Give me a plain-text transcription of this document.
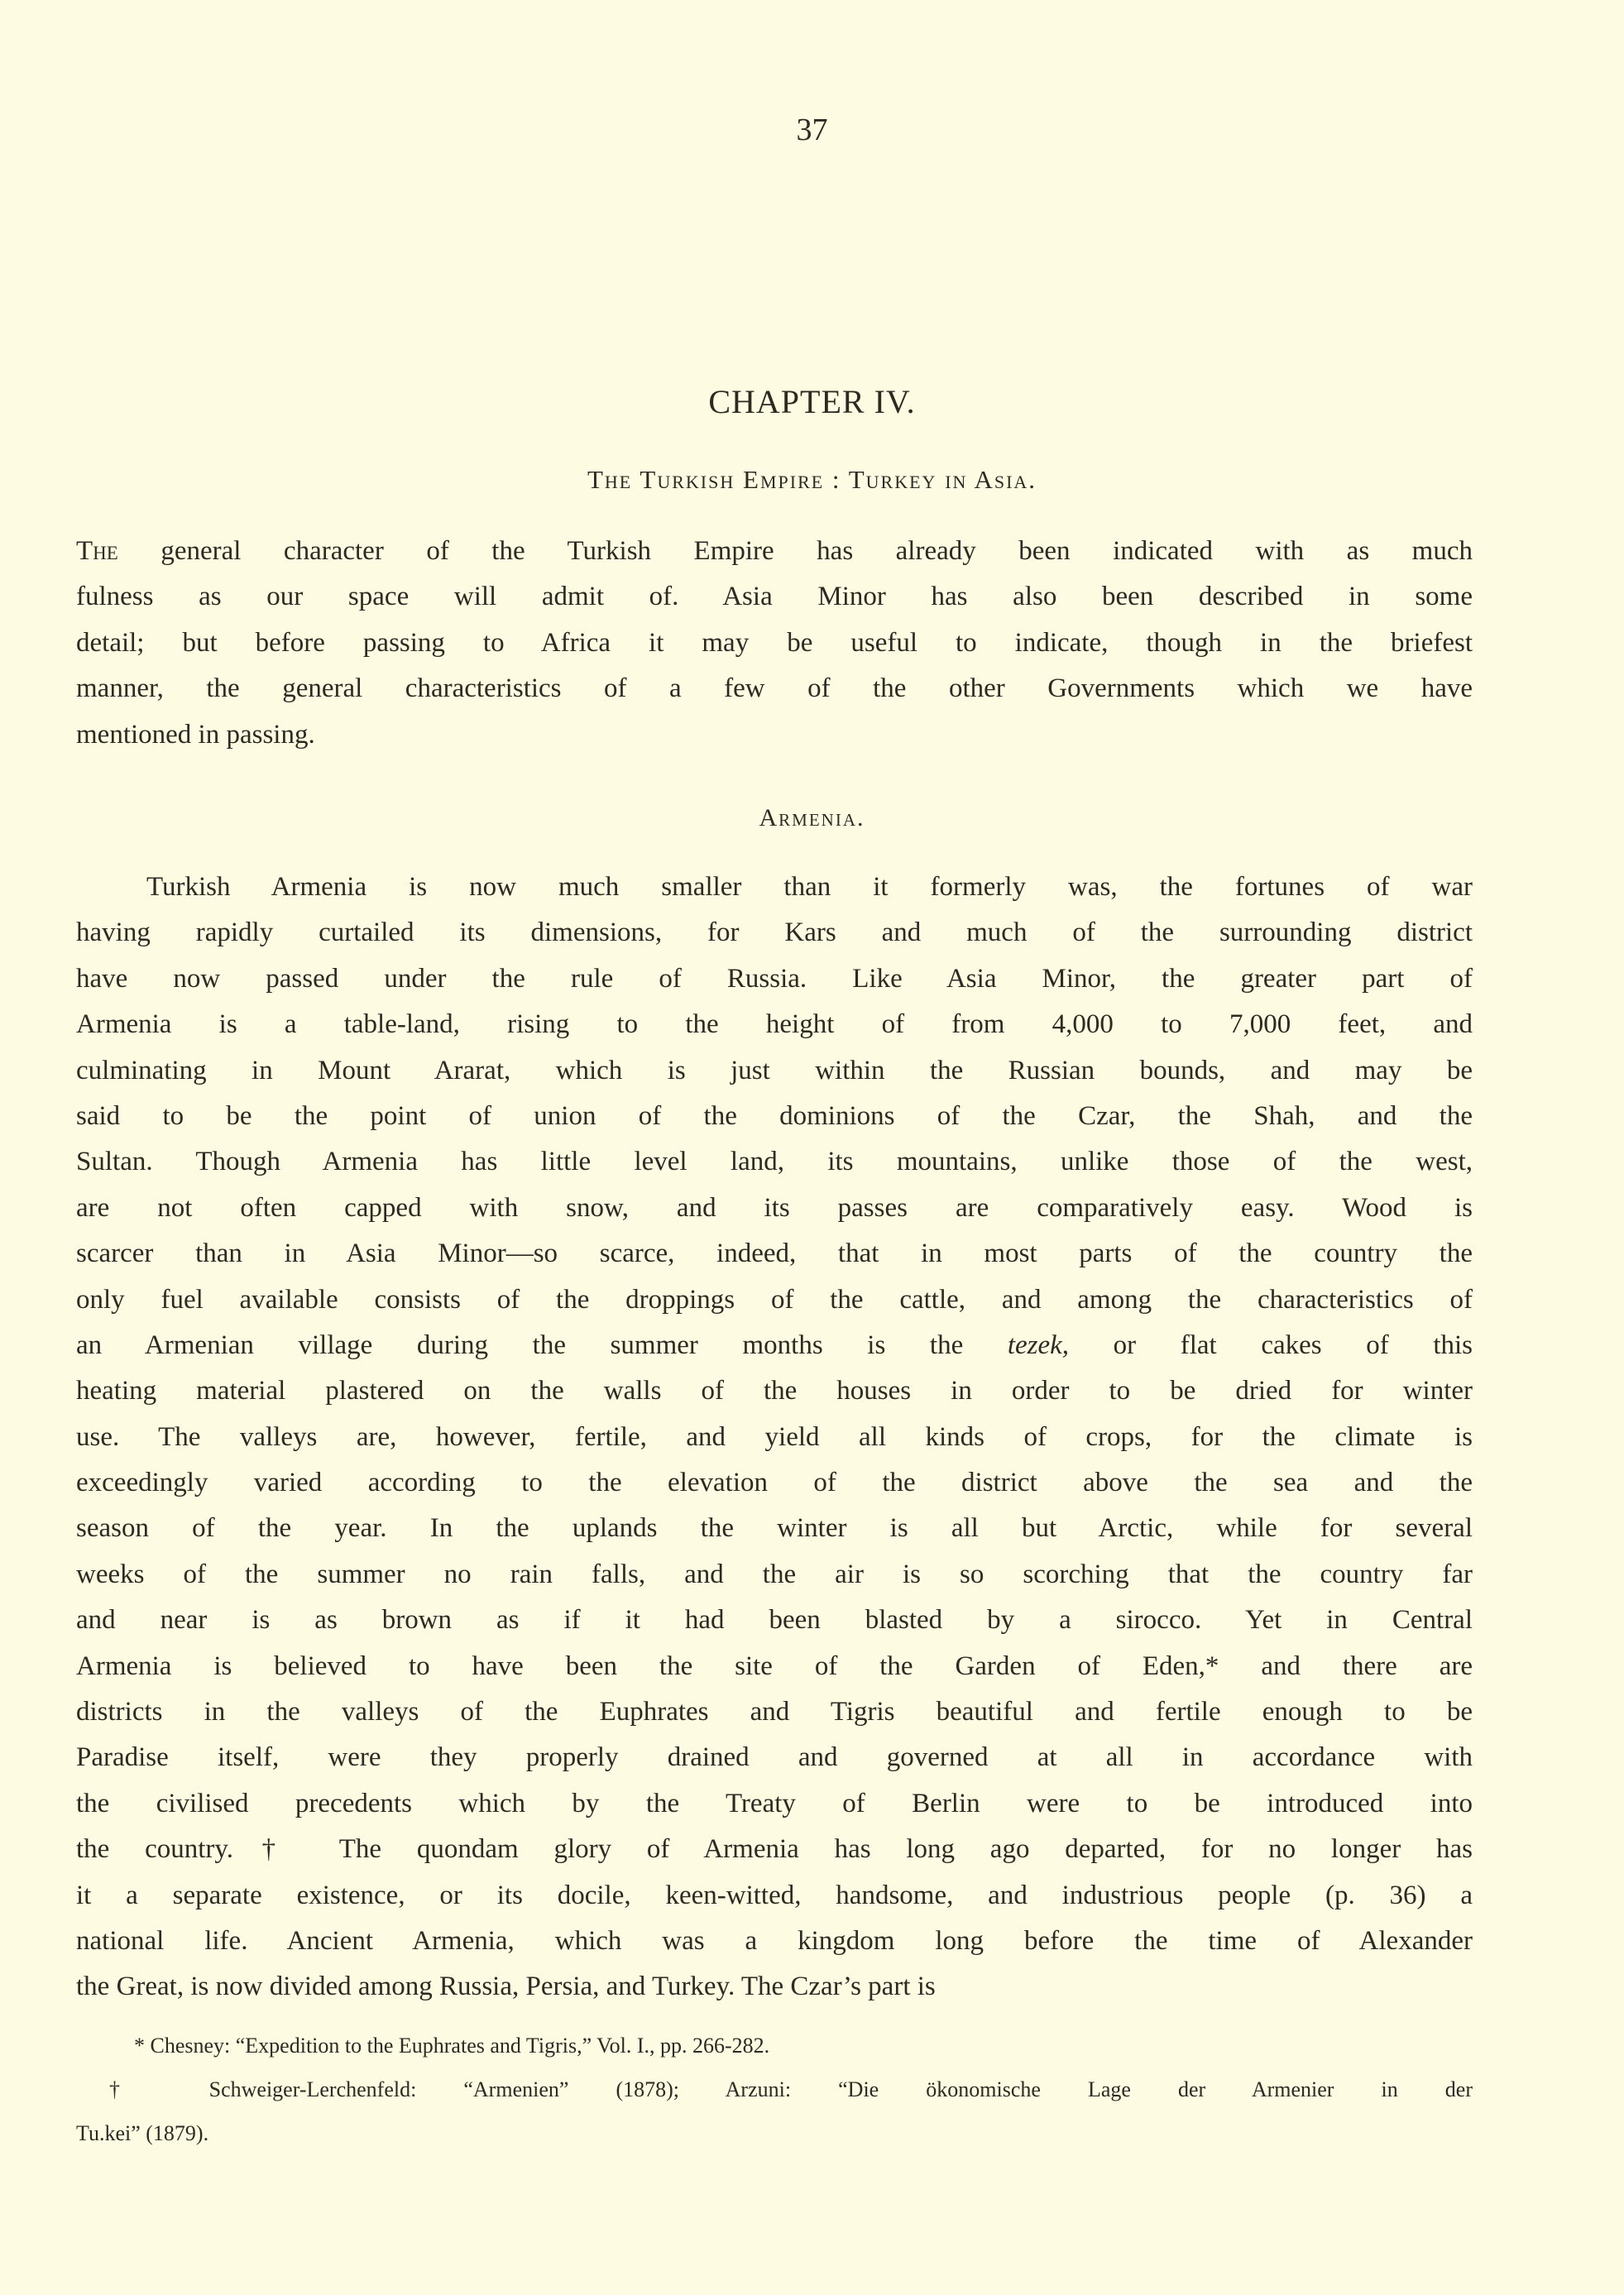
37
CHAPTER IV.
The Turkish Empire : Turkey in Asia.
The general character of the Turkish Empire has already been indicated with as much
fulness as our space will admit of. Asia Minor has also been described in some
detail; but before passing to Africa it may be useful to indicate, though in the briefest
manner, the general characteristics of a few of the other Governments which we have
mentioned in passing.
Armenia.
Turkish Armenia is now much smaller than it formerly was, the fortunes of war
having rapidly curtailed its dimensions, for Kars and much of the surrounding district
have now passed under the rule of Russia. Like Asia Minor, the greater part of
Armenia is a table-land, rising to the height of from 4,000 to 7,000 feet, and
culminating in Mount Ararat, which is just within the Russian bounds, and may be
said to be the point of union of the dominions of the Czar, the Shah, and the
Sultan. Though Armenia has little level land, its mountains, unlike those of the west,
are not often capped with snow, and its passes are comparatively easy. Wood is
scarcer than in Asia Minor—so scarce, indeed, that in most parts of the country the
only fuel available consists of the droppings of the cattle, and among the characteristics of
an Armenian village during the summer months is the tezek, or flat cakes of this
heating material plastered on the walls of the houses in order to be dried for winter
use. The valleys are, however, fertile, and yield all kinds of crops, for the climate is
exceedingly varied according to the elevation of the district above the sea and the
season of the year. In the uplands the winter is all but Arctic, while for several
weeks of the summer no rain falls, and the air is so scorching that the country far
and near is as brown as if it had been blasted by a sirocco. Yet in Central
Armenia is believed to have been the site of the Garden of Eden,* and there are
districts in the valleys of the Euphrates and Tigris beautiful and fertile enough to be
Paradise itself, were they properly drained and governed at all in accordance with
the civilised precedents which by the Treaty of Berlin were to be introduced into
the country.† The quondam glory of Armenia has long ago departed, for no longer has
it a separate existence, or its docile, keen-witted, handsome, and industrious people (p. 36) a
national life. Ancient Armenia, which was a kingdom long before the time of Alexander
the Great, is now divided among Russia, Persia, and Turkey. The Czar’s part is
* Chesney: “Expedition to the Euphrates and Tigris,” Vol. I., pp. 266-282.
† Schweiger-Lerchenfeld: “Armenien” (1878); Arzuni: “Die ökonomische Lage der Armenier in der
Tu.kei” (1879).
